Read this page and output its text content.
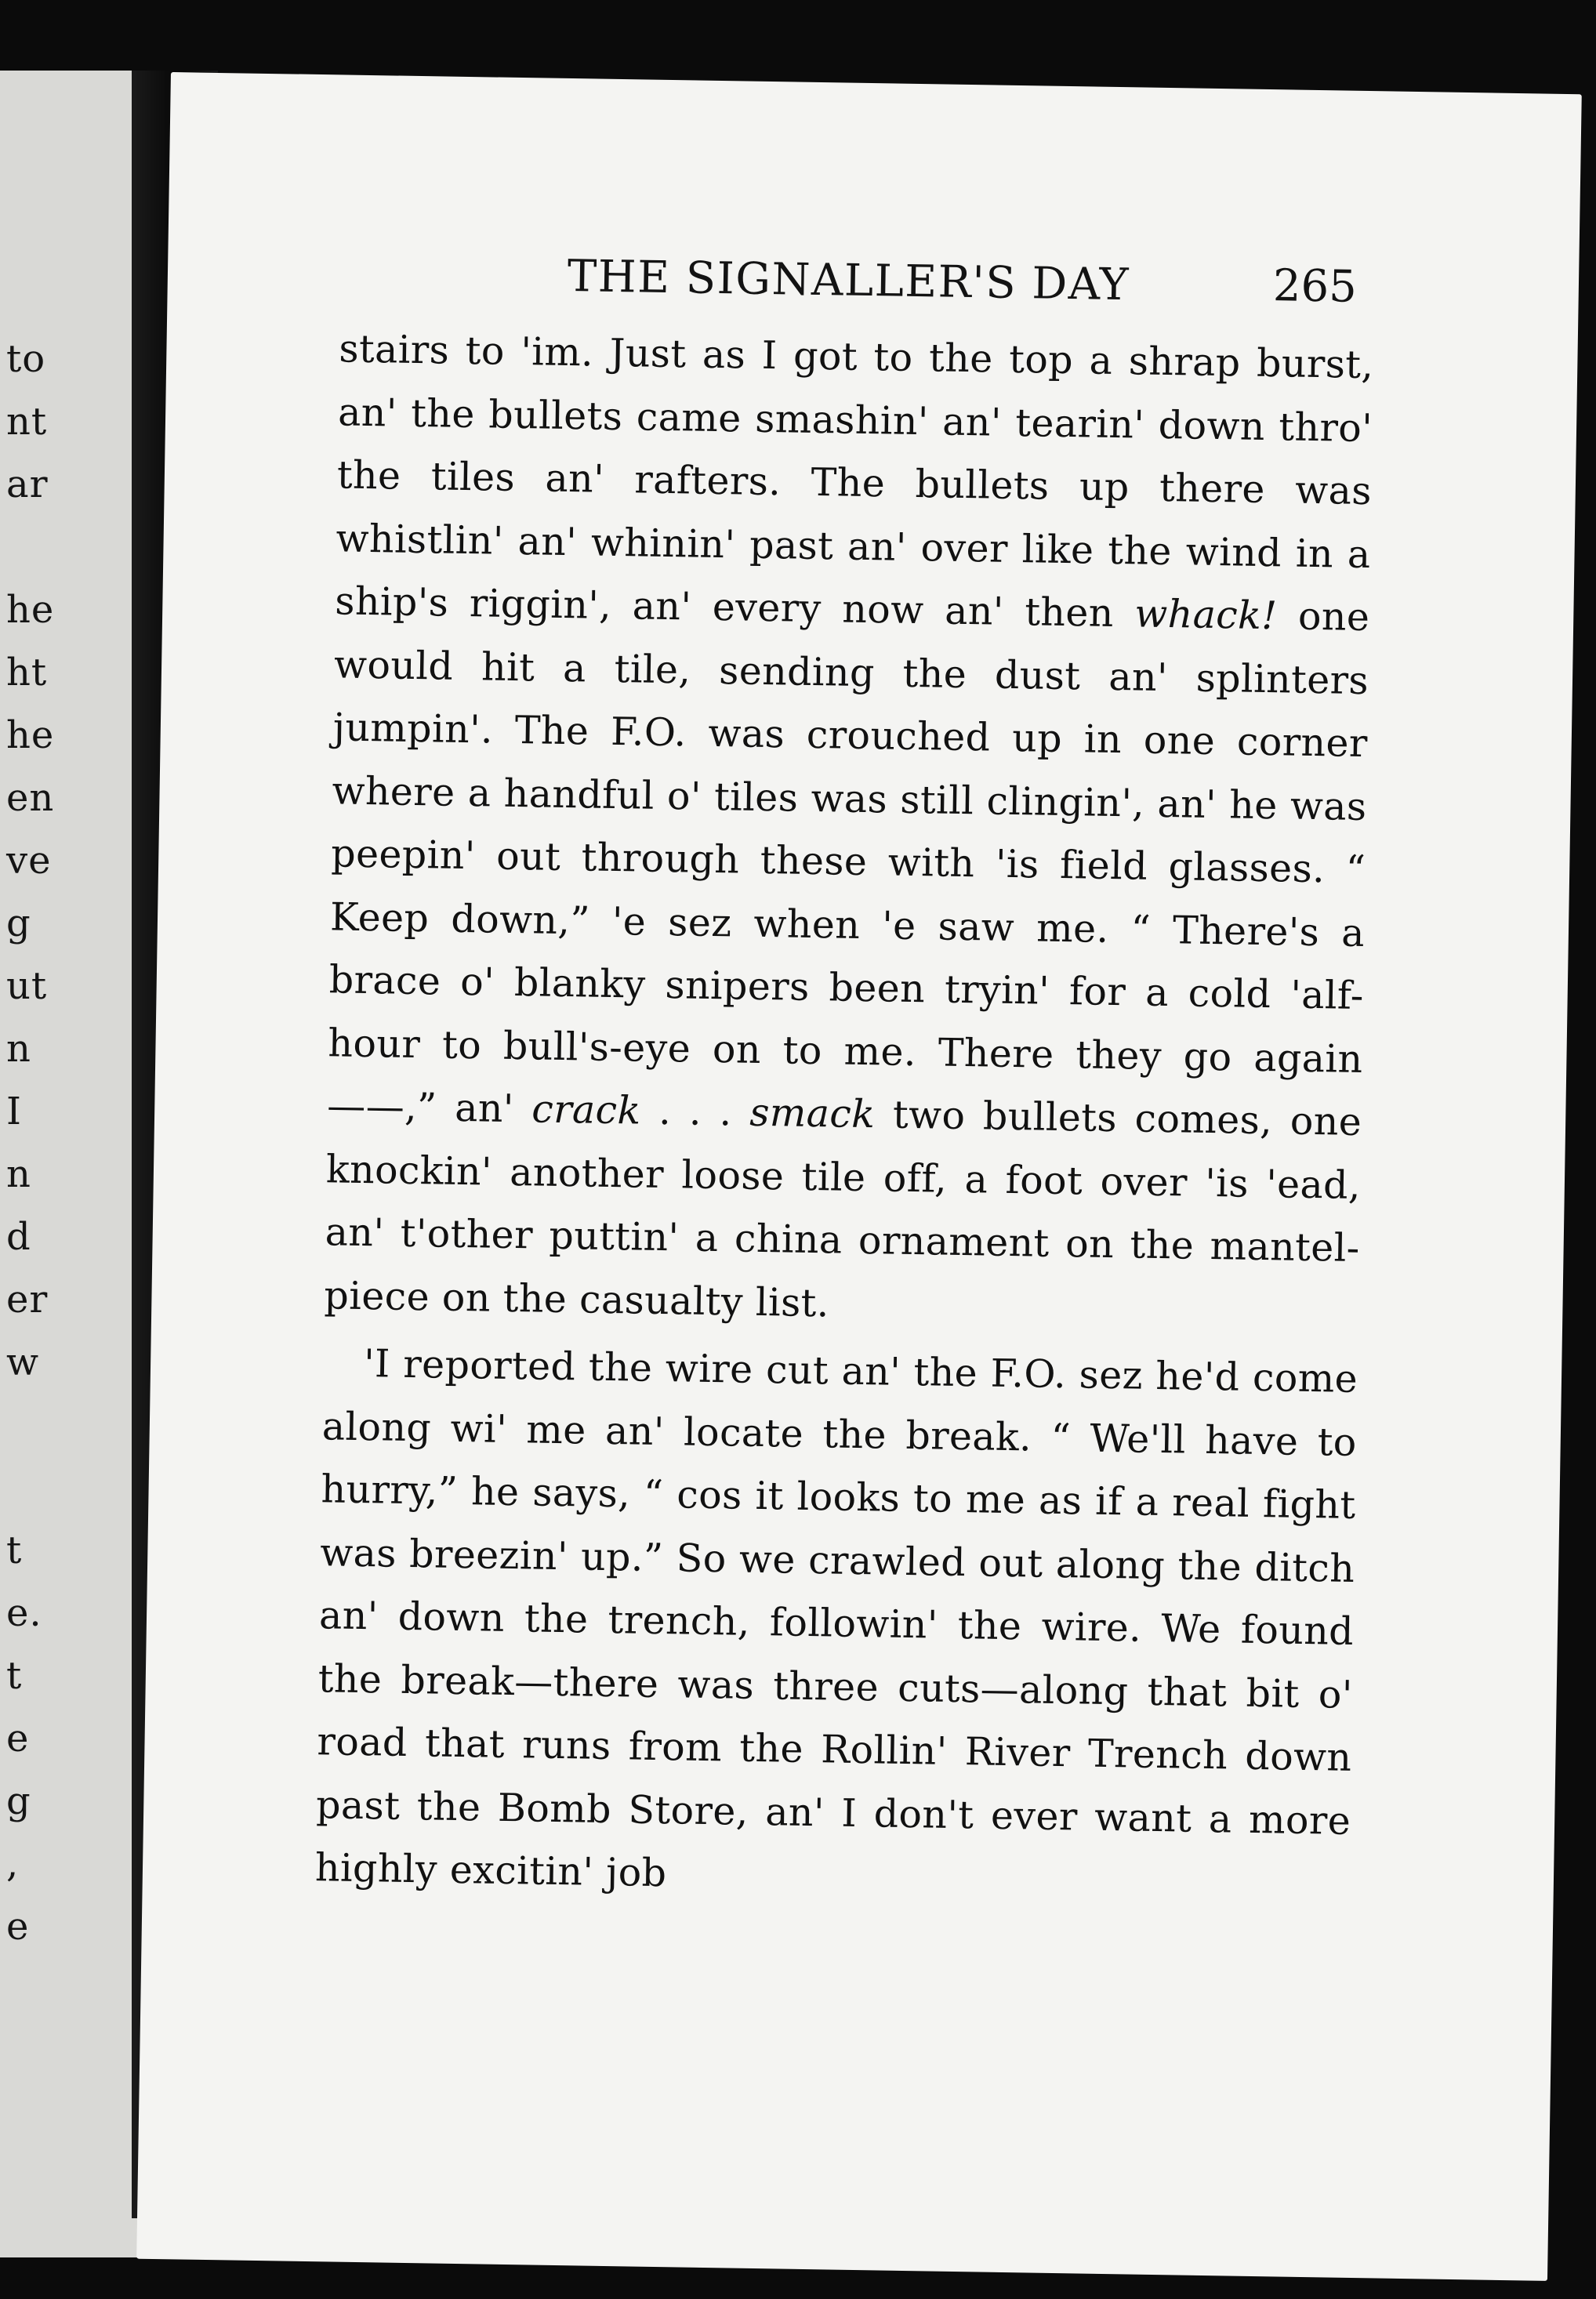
to
nt
ar
he
ht
he
en
ve
g
ut
n
I
n
d
er
w
t
e.
t
e
g
,
e
THE SIGNALLER'S DAY	265

stairs to 'im. Just as I got to the top a shrap burst, an' the bullets came smashin' an' tearin' down thro' the tiles an' rafters. The bullets up there was whistlin' an' whinin' past an' over like the wind in a ship's riggin', an' every now an' then whack! one would hit a tile, sending the dust an' splinters jumpin'. The F.O. was crouched up in one corner where a handful o' tiles was still clingin', an' he was peepin' out through these with 'is field glasses. “ Keep down,” 'e sez when 'e saw me. “ There's a brace o' blanky snipers been tryin' for a cold 'alf-hour to bull's-eye on to me. There they go again——,” an' crack . . . smack two bullets comes, one knockin' another loose tile off, a foot over 'is 'ead, an' t'other puttin' a china ornament on the mantel-piece on the casualty list.

'I reported the wire cut an' the F.O. sez he'd come along wi' me an' locate the break. “ We'll have to hurry,” he says, “ cos it looks to me as if a real fight was breezin' up.” So we crawled out along the ditch an' down the trench, followin' the wire. We found the break—there was three cuts—along that bit o' road that runs from the Rollin' River Trench down past the Bomb Store, an' I don't ever want a more highly excitin' job
